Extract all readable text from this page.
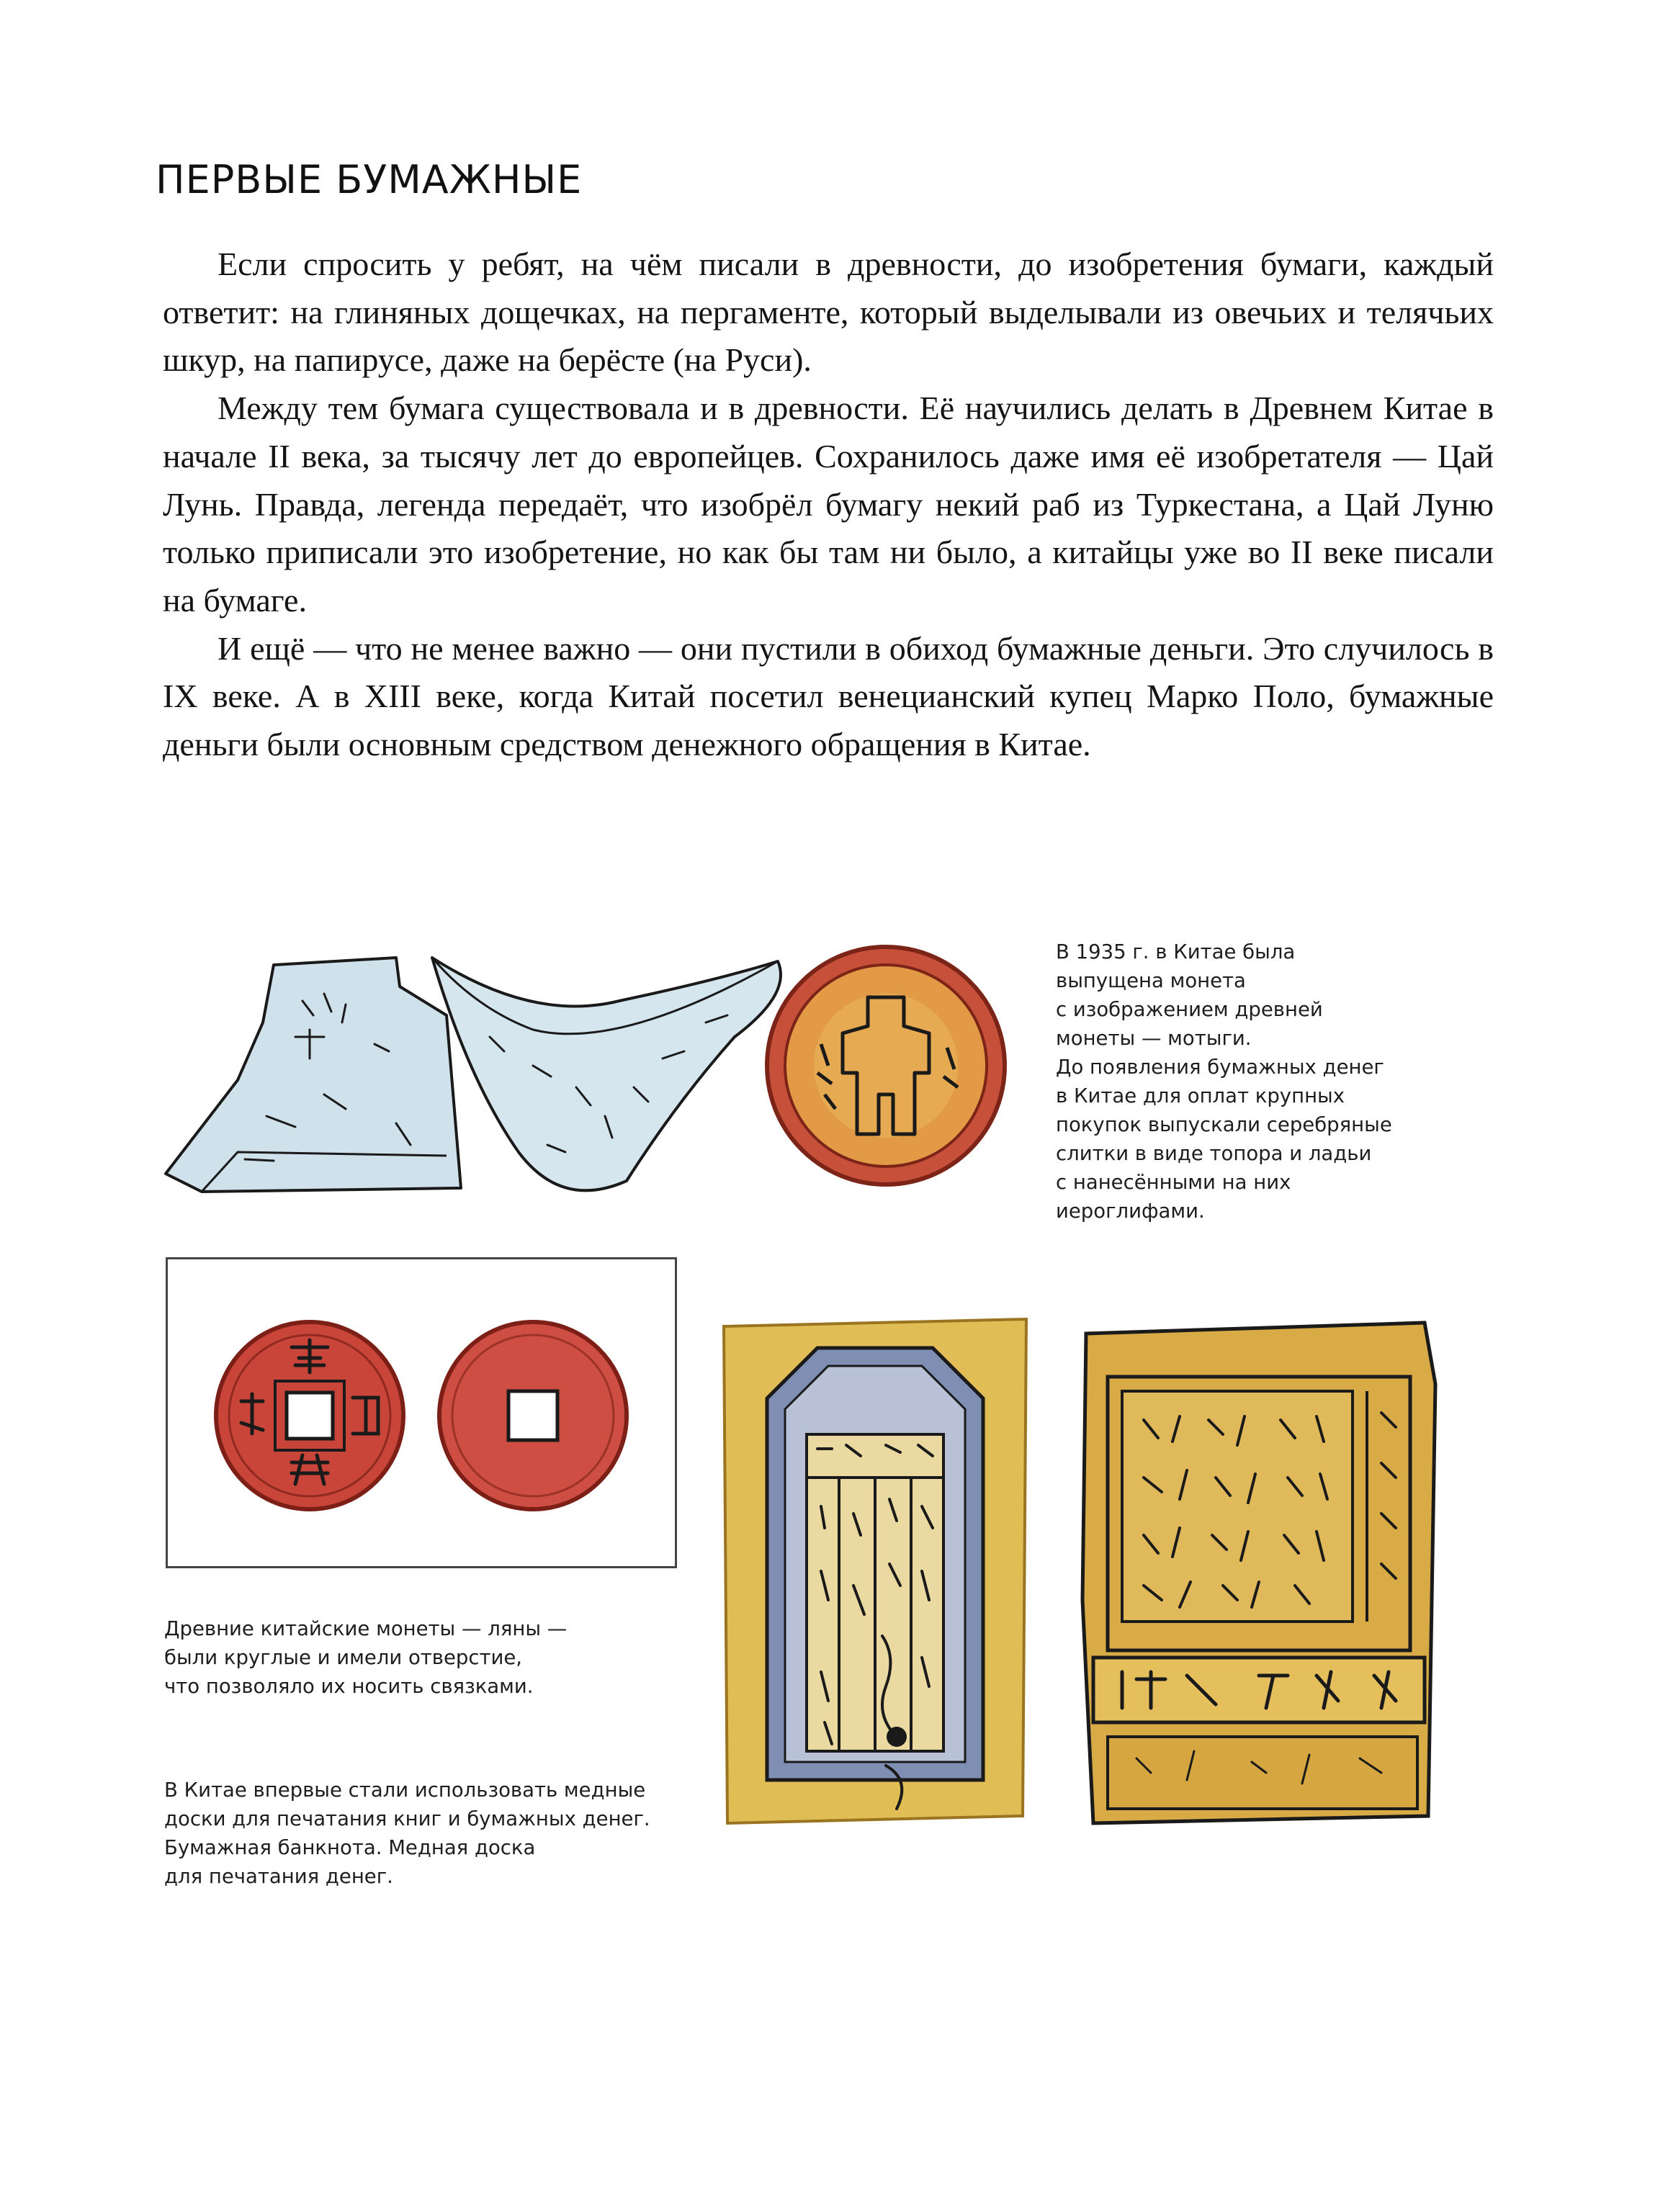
ПЕРВЫЕ БУМАЖНЫЕ

Если спросить у ребят, на чём писали в древности, до изобретения бумаги, каждый ответит: на глиняных дощечках, на пергаменте, который выделывали из овечьих и телячьих шкур, на папирусе, даже на берёсте (на Руси).

Между тем бумага существовала и в древности. Её научились делать в Древнем Китае в начале II века, за тысячу лет до европейцев. Сохранилось даже имя её изобретателя — Цай Лунь. Правда, легенда передаёт, что изобрёл бумагу некий раб из Туркестана, а Цай Луню только приписали это изобретение, но как бы там ни было, а китайцы уже во II веке писали на бумаге.

И ещё — что не менее важно — они пустили в обиход бумажные деньги. Это случилось в IX веке. А в XIII веке, когда Китай посетил венецианский купец Марко Поло, бумажные деньги были основным средством денежного обращения в Китае.

В 1935 г. в Китае была
выпущена монета
с изображением древней
монеты — мотыги.
До появления бумажных денег
в Китае для оплат крупных
покупок выпускали серебряные
слитки в виде топора и ладьи
с нанесёнными на них
иероглифами.
Древние китайские монеты — ляны —
были круглые и имели отверстие,
что позволяло их носить связками.
В Китае впервые стали использовать медные
доски для печатания книг и бумажных денег.
Бумажная банкнота. Медная доска
для печатания денег.
